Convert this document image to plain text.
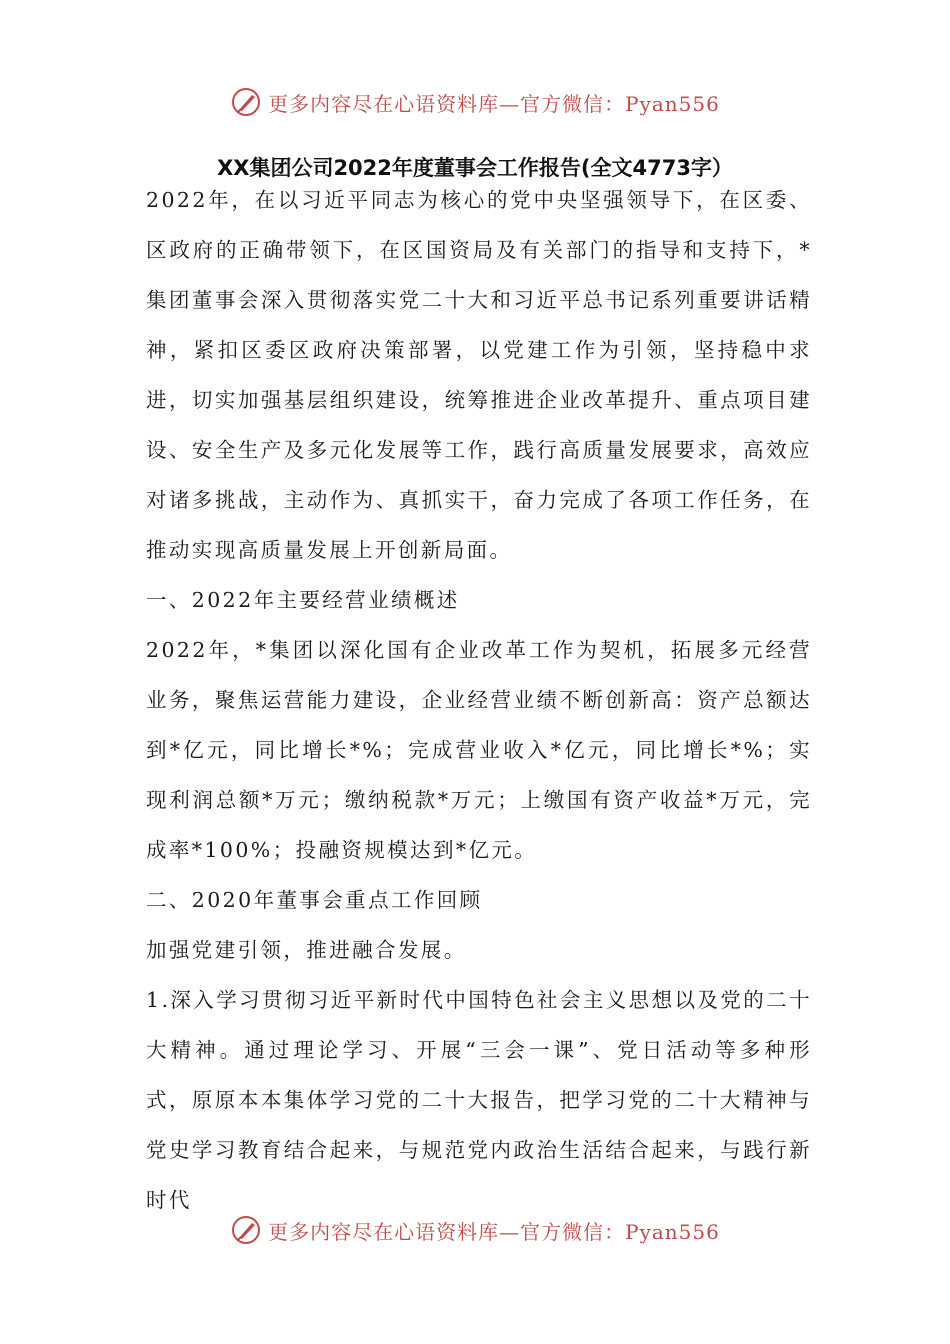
更多内容尽在心语资料库—官方微信：Pyan556
XX集团公司2022年度董事会工作报告(全文4773字）

2022年，在以习近平同志为核心的党中央坚强领导下，在区委、区政府的正确带领下，在区国资局及有关部门的指导和支持下，*集团董事会深入贯彻落实党二十大和习近平总书记系列重要讲话精神，紧扣区委区政府决策部署，以党建工作为引领，坚持稳中求进，切实加强基层组织建设，统筹推进企业改革提升、重点项目建设、安全生产及多元化发展等工作，践行高质量发展要求，高效应对诸多挑战，主动作为、真抓实干，奋力完成了各项工作任务，在推动实现高质量发展上开创新局面。

一、2022年主要经营业绩概述

2022年，*集团以深化国有企业改革工作为契机，拓展多元经营业务，聚焦运营能力建设，企业经营业绩不断创新高：资产总额达到*亿元，同比增长*%；完成营业收入*亿元，同比增长*%；实现利润总额*万元；缴纳税款*万元；上缴国有资产收益*万元，完成率*100%；投融资规模达到*亿元。

二、2020年董事会重点工作回顾

加强党建引领，推进融合发展。

1.深入学习贯彻习近平新时代中国特色社会主义思想以及党的二十大精神。通过理论学习、开展“三会一课”、党日活动等多种形式，原原本本集体学习党的二十大报告，把学习党的二十大精神与党史学习教育结合起来，与规范党内政治生活结合起来，与践行新时代

更多内容尽在心语资料库—官方微信：Pyan556
